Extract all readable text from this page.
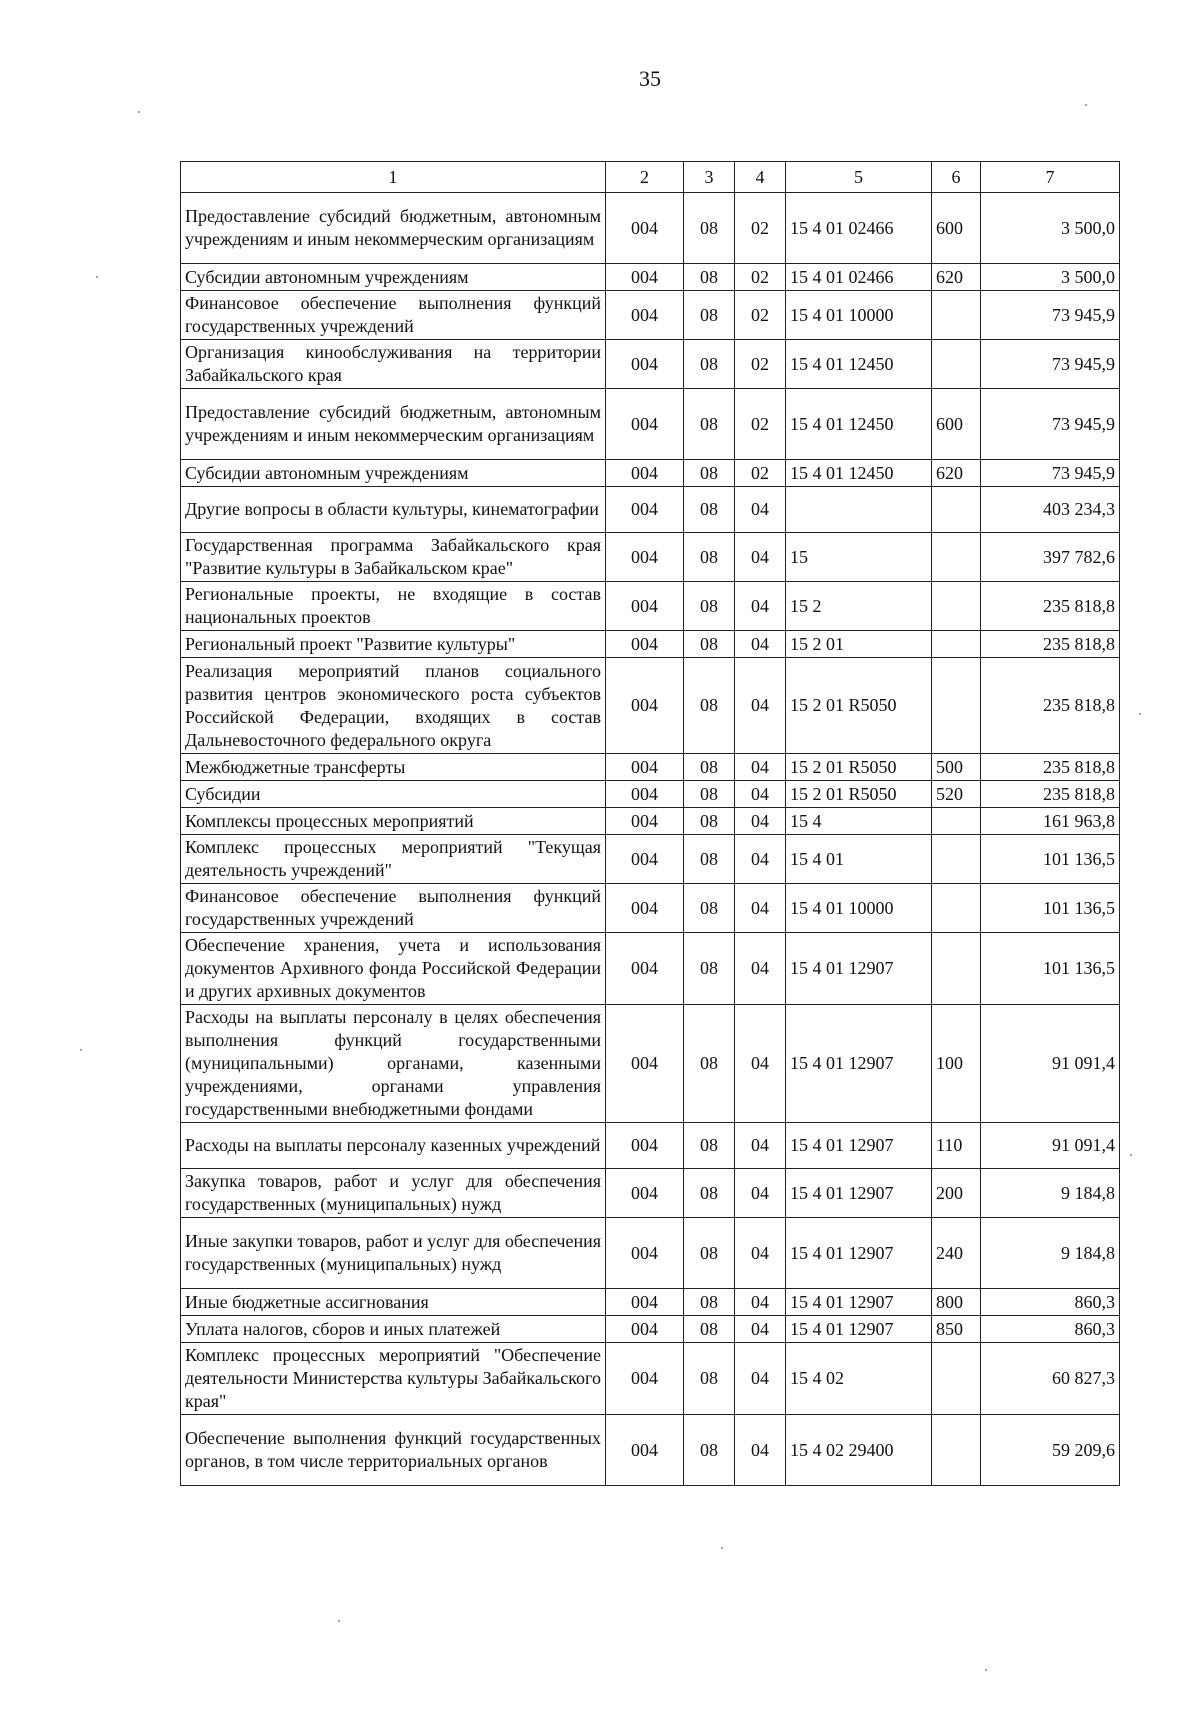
35
1	2	3	4	5	6	7
Предоставление субсидий бюджетным, автономным учреждениям и иным некоммерческим организациям	004	08	02	15 4 01 02466	600	3 500,0
Субсидии автономным учреждениям	004	08	02	15 4 01 02466	620	3 500,0
Финансовое обеспечение выполнения функций государственных учреждений	004	08	02	15 4 01 10000		73 945,9
Организация кинообслуживания на территории Забайкальского края	004	08	02	15 4 01 12450		73 945,9
Предоставление субсидий бюджетным, автономным учреждениям и иным некоммерческим организациям	004	08	02	15 4 01 12450	600	73 945,9
Субсидии автономным учреждениям	004	08	02	15 4 01 12450	620	73 945,9
Другие вопросы в области культуры, кинематографии	004	08	04			403 234,3
Государственная программа Забайкальского края "Развитие культуры в Забайкальском крае"	004	08	04	15		397 782,6
Региональные проекты, не входящие в состав национальных проектов	004	08	04	15 2		235 818,8
Региональный проект "Развитие культуры"	004	08	04	15 2 01		235 818,8
Реализация мероприятий планов социального развития центров экономического роста субъектов Российской Федерации, входящих в состав Дальневосточного федерального округа	004	08	04	15 2 01 R5050		235 818,8
Межбюджетные трансферты	004	08	04	15 2 01 R5050	500	235 818,8
Субсидии	004	08	04	15 2 01 R5050	520	235 818,8
Комплексы процессных мероприятий	004	08	04	15 4		161 963,8
Комплекс процессных мероприятий "Текущая деятельность учреждений"	004	08	04	15 4 01		101 136,5
Финансовое обеспечение выполнения функций государственных учреждений	004	08	04	15 4 01 10000		101 136,5
Обеспечение хранения, учета и использования документов Архивного фонда Российской Федерации и других архивных документов	004	08	04	15 4 01 12907		101 136,5
Расходы на выплаты персоналу в целях обеспечения выполнения функций государственными (муниципальными) органами, казенными учреждениями, органами управления государственными внебюджетными фондами	004	08	04	15 4 01 12907	100	91 091,4
Расходы на выплаты персоналу казенных учреждений	004	08	04	15 4 01 12907	110	91 091,4
Закупка товаров, работ и услуг для обеспечения государственных (муниципальных) нужд	004	08	04	15 4 01 12907	200	9 184,8
Иные закупки товаров, работ и услуг для обеспечения государственных (муниципальных) нужд	004	08	04	15 4 01 12907	240	9 184,8
Иные бюджетные ассигнования	004	08	04	15 4 01 12907	800	860,3
Уплата налогов, сборов и иных платежей	004	08	04	15 4 01 12907	850	860,3
Комплекс процессных мероприятий "Обеспечение деятельности Министерства культуры Забайкальского края"	004	08	04	15 4 02		60 827,3
Обеспечение выполнения функций государственных органов, в том числе территориальных органов	004	08	04	15 4 02 29400		59 209,6
